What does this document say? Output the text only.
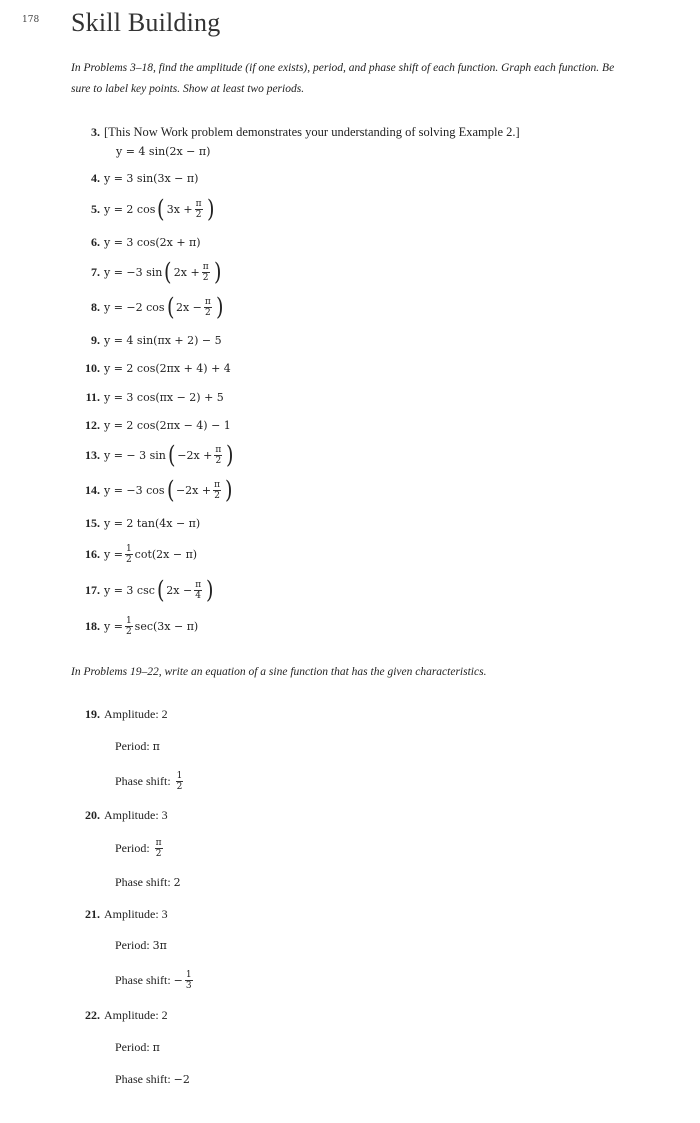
178 Skill Building
In Problems 3–18, find the amplitude (if one exists), period, and phase shift of each function. Graph each function. Be sure to label key points. Show at least two periods.
3. [This Now Work problem demonstrates your understanding of solving Example 2.]
y = 4 sin(2x − π)
4. y = 3 sin(3x − π)
5. y = 2 cos ( $3x + \frac{\pi}{2}$ )
6. y = 3 cos(2x + π)
7. y = −3 sin ( $2x + \frac{\pi}{2}$ )
8. y = −2 cos ( $2x - \frac{\pi}{2}$ )
9. y = 4 sin(πx + 2) − 5
10. y = 2 cos(2πx + 4) + 4
11. y = 3 cos(πx − 2) + 5
12. y = 2 cos(2πx − 4) − 1
13. y = − 3 sin ( $-2x + \frac{\pi}{2}$ )
14. y = −3 cos ( $-2x + \frac{\pi}{2}$ )
15. y = 2 tan(4x − π)
16. $y = \frac{1}{2} \cot(2x - \pi)$
17. y = 3 csc ( $2x - \frac{\pi}{4}$ )
18. $y = \frac{1}{2} \sec(3x - \pi)$
In Problems 19–22, write an equation of a sine function that has the given characteristics.
19. Amplitude: 2
Period: π
Phase shift: $\frac{1}{2}$
20. Amplitude: 3
Period: $\frac{\pi}{2}$
Phase shift: 2
21. Amplitude: 3
Period: 3π
Phase shift: − $\frac{1}{3}$
22. Amplitude: 2
Period: π
Phase shift: −2
